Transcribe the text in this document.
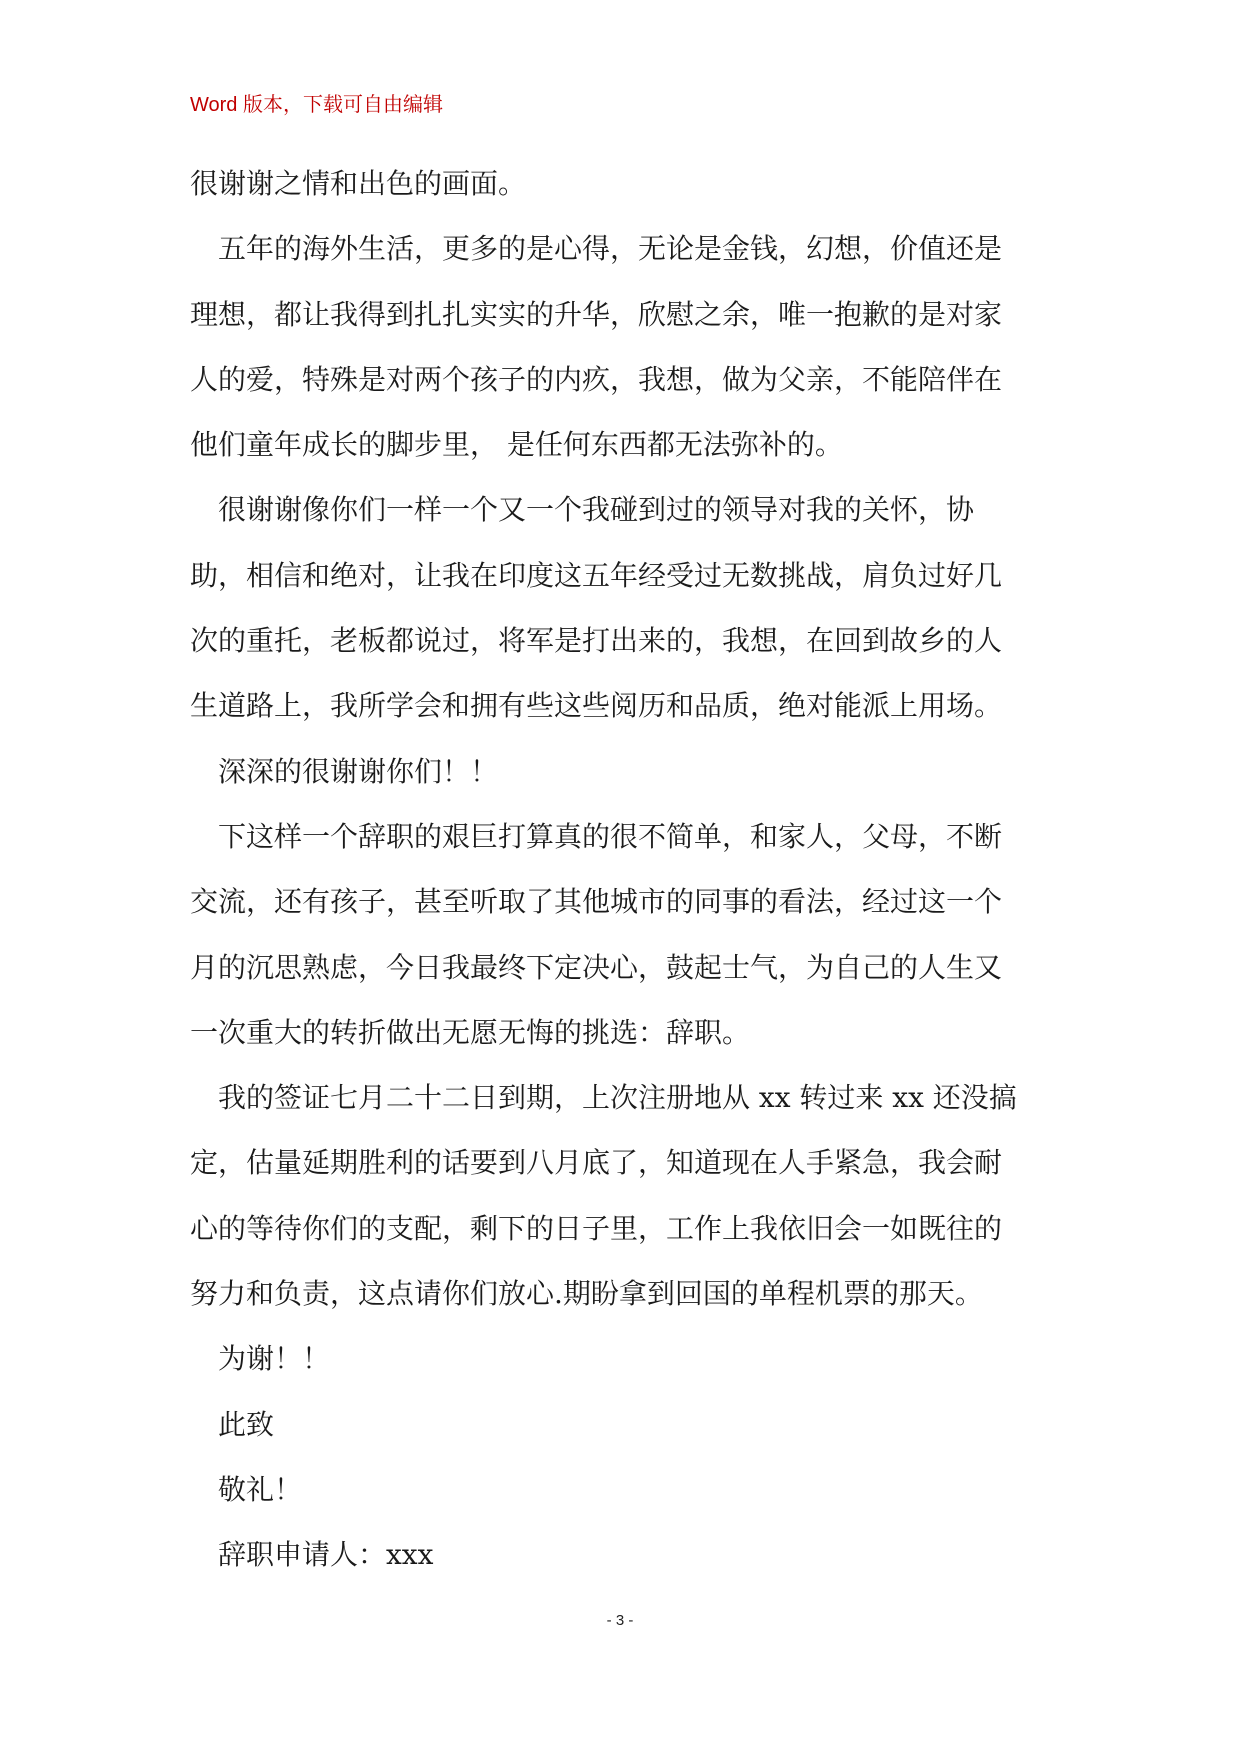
Word 版本，下载可自由编辑
很谢谢之情和出色的画面。
五年的海外生活，更多的是心得，无论是金钱，幻想，价值还是
理想，都让我得到扎扎实实的升华，欣慰之余，唯一抱歉的是对家
人的爱，特殊是对两个孩子的内疚，我想，做为父亲，不能陪伴在
他们童年成长的脚步里， 是任何东西都无法弥补的。
很谢谢像你们一样一个又一个我碰到过的领导对我的关怀，协
助，相信和绝对，让我在印度这五年经受过无数挑战，肩负过好几
次的重托，老板都说过，将军是打出来的，我想，在回到故乡的人
生道路上，我所学会和拥有些这些阅历和品质，绝对能派上用场。
深深的很谢谢你们！！
下这样一个辞职的艰巨打算真的很不简单，和家人，父母，不断
交流，还有孩子，甚至听取了其他城市的同事的看法，经过这一个
月的沉思熟虑，今日我最终下定决心，鼓起士气，为自己的人生又
一次重大的转折做出无愿无悔的挑选：辞职。
我的签证七月二十二日到期，上次注册地从 xx 转过来 xx 还没搞
定，估量延期胜利的话要到八月底了，知道现在人手紧急，我会耐
心的等待你们的支配，剩下的日子里，工作上我依旧会一如既往的
努力和负责，这点请你们放心.期盼拿到回国的单程机票的那天。
为谢！！
此致
敬礼！
辞职申请人：xxx
- 3 -
